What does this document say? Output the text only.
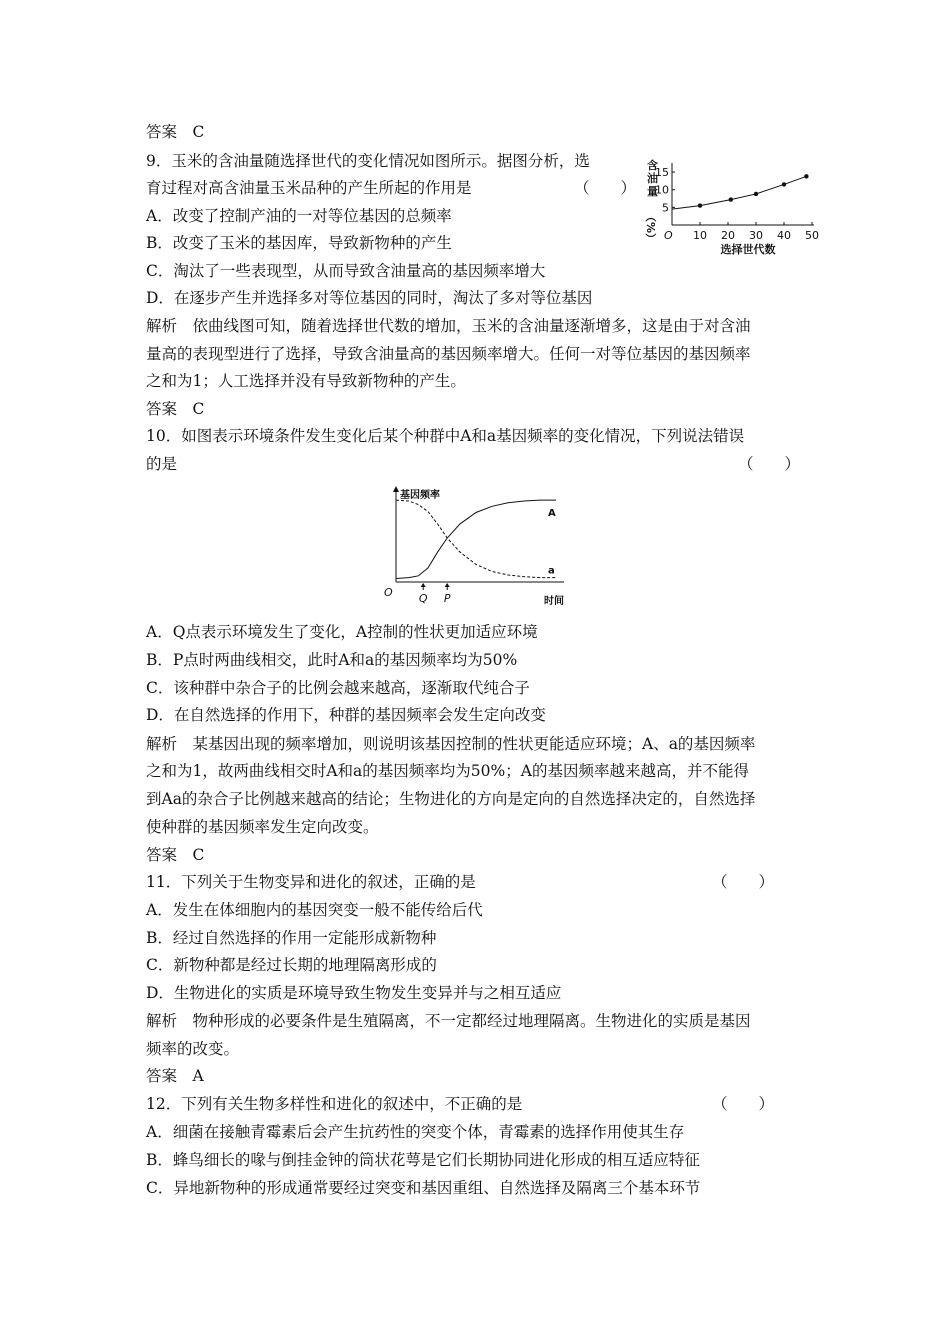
答案　C
9．玉米的含油量随选择世代的变化情况如图所示。据图分析，选
育过程对高含油量玉米品种的产生所起的作用是	（　　）
A．改变了控制产油的一对等位基因的总频率
B．改变了玉米的基因库，导致新物种的产生
C．淘汰了一些表现型，从而导致含油量高的基因频率增大
D．在逐步产生并选择多对等位基因的同时，淘汰了多对等位基因
解析　依曲线图可知，随着选择世代数的增加，玉米的含油量逐渐增多，这是由于对含油
量高的表现型进行了选择，导致含油量高的基因频率增大。任何一对等位基因的基因频率
之和为1；人工选择并没有导致新物种的产生。
答案　C
10．如图表示环境条件发生变化后某个种群中A和a基因频率的变化情况，下列说法错误
的是	（　　）
O 10 20 30 40 50
5
10
15
选择世代数
含
油
量
（%）
基因频率
时间
O
A
a
Q P
A．Q点表示环境发生了变化，A控制的性状更加适应环境
B．P点时两曲线相交，此时A和a的基因频率均为50%
C．该种群中杂合子的比例会越来越高，逐渐取代纯合子
D．在自然选择的作用下，种群的基因频率会发生定向改变
解析　某基因出现的频率增加，则说明该基因控制的性状更能适应环境；A、a的基因频率
之和为1，故两曲线相交时A和a的基因频率均为50%；A的基因频率越来越高，并不能得
到Aa的杂合子比例越来越高的结论；生物进化的方向是定向的自然选择决定的，自然选择
使种群的基因频率发生定向改变。
答案　C
11．下列关于生物变异和进化的叙述，正确的是	（　　）
A．发生在体细胞内的基因突变一般不能传给后代
B．经过自然选择的作用一定能形成新物种
C．新物种都是经过长期的地理隔离形成的
D．生物进化的实质是环境导致生物发生变异并与之相互适应
解析　物种形成的必要条件是生殖隔离，不一定都经过地理隔离。生物进化的实质是基因
频率的改变。
答案　A
12．下列有关生物多样性和进化的叙述中，不正确的是	（　　）
A．细菌在接触青霉素后会产生抗药性的突变个体，青霉素的选择作用使其生存
B．蜂鸟细长的喙与倒挂金钟的筒状花萼是它们长期协同进化形成的相互适应特征
C．异地新物种的形成通常要经过突变和基因重组、自然选择及隔离三个基本环节
